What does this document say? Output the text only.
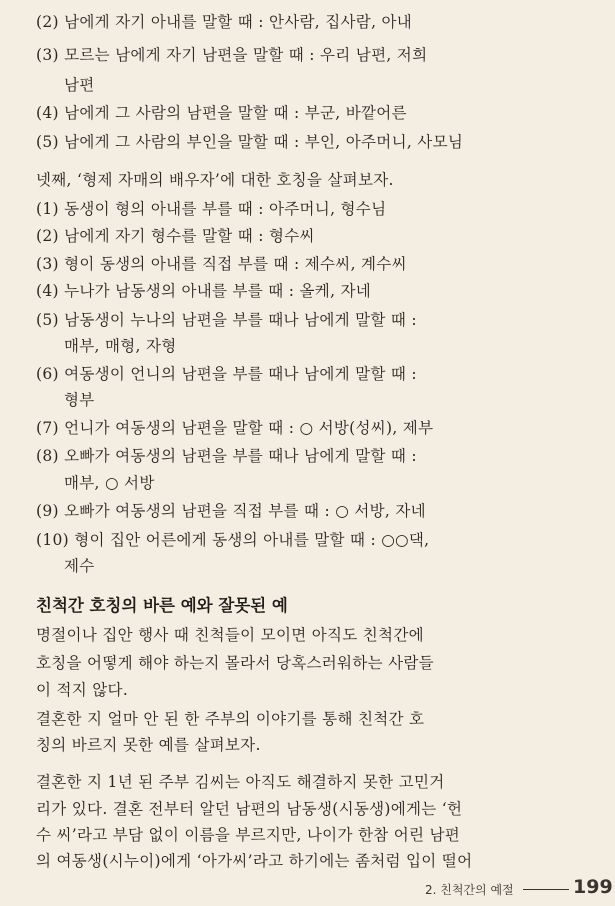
(2) 남에게 자기 아내를 말할 때 : 안사람, 집사람, 아내
(3) 모르는 남에게 자기 남편을 말할 때 : 우리 남편, 저희
남편
(4) 남에게 그 사람의 남편을 말할 때 : 부군, 바깥어른
(5) 남에게 그 사람의 부인을 말할 때 : 부인, 아주머니, 사모님
넷째, ‘형제 자매의 배우자’에 대한 호칭을 살펴보자.
(1) 동생이 형의 아내를 부를 때 : 아주머니, 형수님
(2) 남에게 자기 형수를 말할 때 : 형수씨
(3) 형이 동생의 아내를 직접 부를 때 : 제수씨, 계수씨
(4) 누나가 남동생의 아내를 부를 때 : 올케, 자네
(5) 남동생이 누나의 남편을 부를 때나 남에게 말할 때 :
매부, 매형, 자형
(6) 여동생이 언니의 남편을 부를 때나 남에게 말할 때 :
형부
(7) 언니가 여동생의 남편을 말할 때 : ○ 서방(성씨), 제부
(8) 오빠가 여동생의 남편을 부를 때나 남에게 말할 때 :
매부, ○ 서방
(9) 오빠가 여동생의 남편을 직접 부를 때 : ○ 서방, 자네
(10) 형이 집안 어른에게 동생의 아내를 말할 때 : ○○댁,
제수
친척간 호칭의 바른 예와 잘못된 예
명절이나 집안 행사 때 친척들이 모이면 아직도 친척간에
호칭을 어떻게 해야 하는지 몰라서 당혹스러워하는 사람들
이 적지 않다.
결혼한 지 얼마 안 된 한 주부의 이야기를 통해 친척간 호
칭의 바르지 못한 예를 살펴보자.
결혼한 지 1년 된 주부 김씨는 아직도 해결하지 못한 고민거
리가 있다. 결혼 전부터 알던 남편의 남동생(시동생)에게는 ‘헌
수 씨’라고 부담 없이 이름을 부르지만, 나이가 한참 어린 남편
의 여동생(시누이)에게 ‘아가씨’라고 하기에는 좀처럼 입이 떨어
2. 친척간의 예절	199
